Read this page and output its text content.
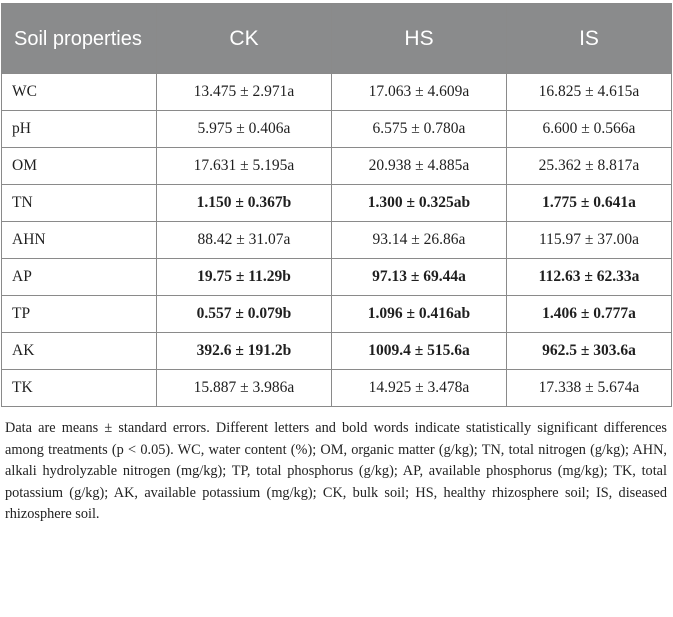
Soil properties	CK	HS	IS
WC	13.475 ± 2.971a	17.063 ± 4.609a	16.825 ± 4.615a
pH	5.975 ± 0.406a	6.575 ± 0.780a	6.600 ± 0.566a
OM	17.631 ± 5.195a	20.938 ± 4.885a	25.362 ± 8.817a
TN	1.150 ± 0.367b	1.300 ± 0.325ab	1.775 ± 0.641a
AHN	88.42 ± 31.07a	93.14 ± 26.86a	115.97 ± 37.00a
AP	19.75 ± 11.29b	97.13 ± 69.44a	112.63 ± 62.33a
TP	0.557 ± 0.079b	1.096 ± 0.416ab	1.406 ± 0.777a
AK	392.6 ± 191.2b	1009.4 ± 515.6a	962.5 ± 303.6a
TK	15.887 ± 3.986a	14.925 ± 3.478a	17.338 ± 5.674a

Data are means ± standard errors. Different letters and bold words indicate statistically significant differences among treatments (p < 0.05). WC, water content (%); OM, organic matter (g/kg); TN, total nitrogen (g/kg); AHN, alkali hydrolyzable nitrogen (mg/kg); TP, total phosphorus (g/kg); AP, available phosphorus (mg/kg); TK, total potassium (g/kg); AK, available potassium (mg/kg); CK, bulk soil; HS, healthy rhizosphere soil; IS, diseased rhizosphere soil.
